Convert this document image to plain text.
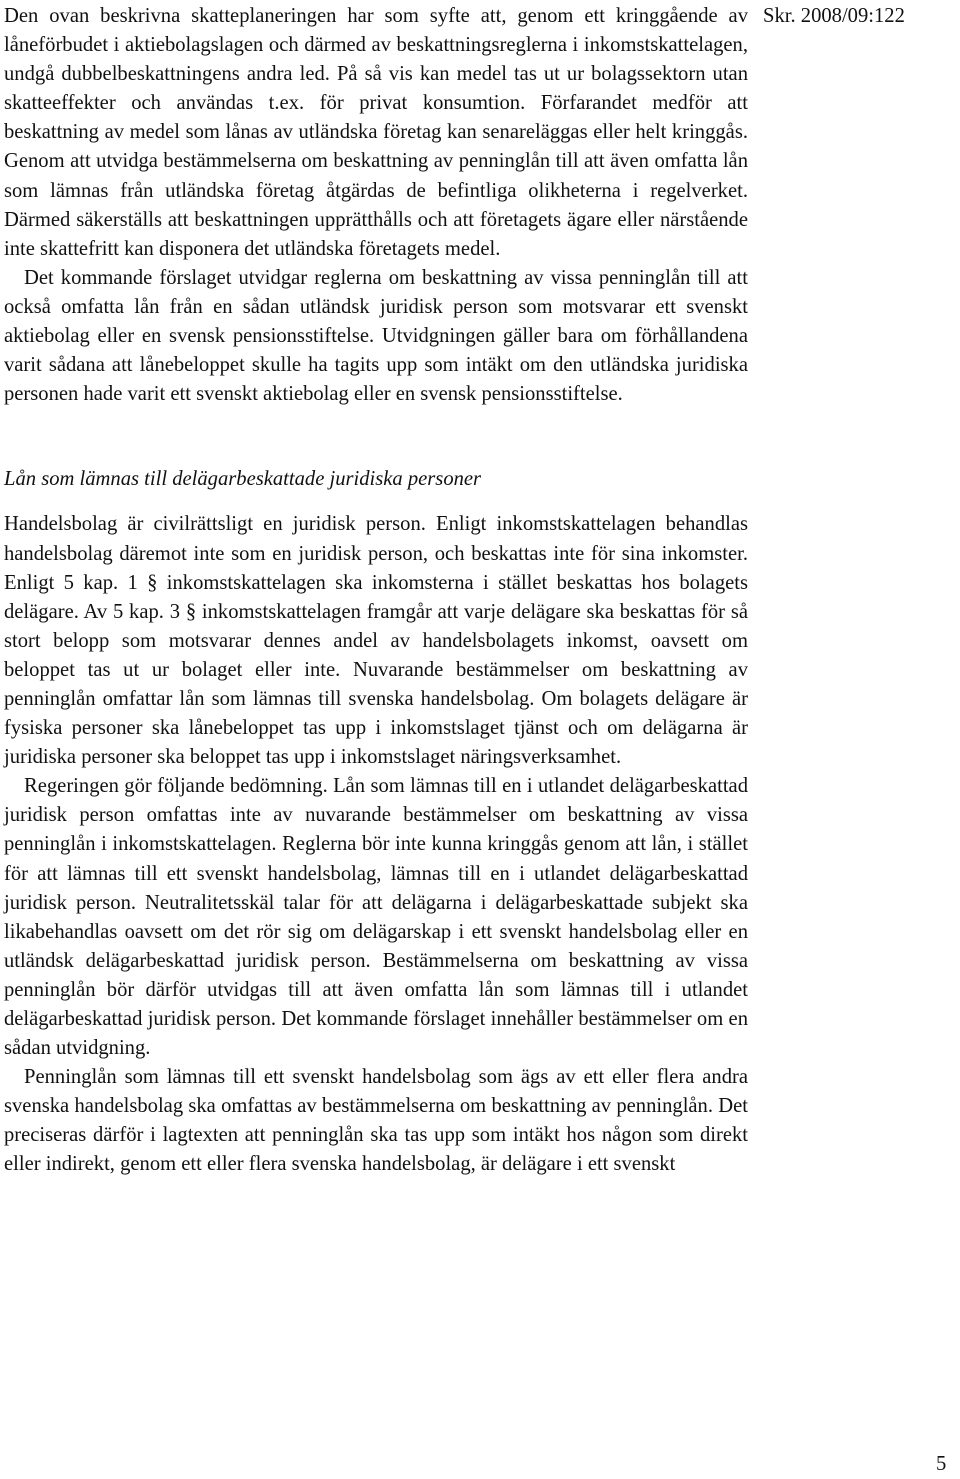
Den ovan beskrivna skatteplaneringen har som syfte att, genom ett kringgående av låneförbudet i aktiebolagslagen och därmed av beskattningsreglerna i inkomstskattelagen, undgå dubbelbeskattningens andra led. På så vis kan medel tas ut ur bolagssektorn utan skatteeffekter och användas t.ex. för privat konsumtion. Förfarandet medför att beskattning av medel som lånas av utländska företag kan senareläggas eller helt kringgås. Genom att utvidga bestämmelserna om beskattning av penninglån till att även omfatta lån som lämnas från utländska företag åtgärdas de befintliga olikheterna i regelverket. Därmed säkerställs att beskattningen upprätthålls och att företagets ägare eller närstående inte skattefritt kan disponera det utländska företagets medel.

Det kommande förslaget utvidgar reglerna om beskattning av vissa penninglån till att också omfatta lån från en sådan utländsk juridisk person som motsvarar ett svenskt aktiebolag eller en svensk pensionsstiftelse. Utvidgningen gäller bara om förhållandena varit sådana att lånebeloppet skulle ha tagits upp som intäkt om den utländska juridiska personen hade varit ett svenskt aktiebolag eller en svensk pensionsstiftelse.

Lån som lämnas till delägarbeskattade juridiska personer

Handelsbolag är civilrättsligt en juridisk person. Enligt inkomstskattelagen behandlas handelsbolag däremot inte som en juridisk person, och beskattas inte för sina inkomster. Enligt 5 kap. 1 § inkomstskattelagen ska inkomsterna i stället beskattas hos bolagets delägare. Av 5 kap. 3 § inkomstskattelagen framgår att varje delägare ska beskattas för så stort belopp som motsvarar dennes andel av handelsbolagets inkomst, oavsett om beloppet tas ut ur bolaget eller inte. Nuvarande bestämmelser om beskattning av penninglån omfattar lån som lämnas till svenska handelsbolag. Om bolagets delägare är fysiska personer ska lånebeloppet tas upp i inkomstslaget tjänst och om delägarna är juridiska personer ska beloppet tas upp i inkomstslaget näringsverksamhet.

Regeringen gör följande bedömning. Lån som lämnas till en i utlandet delägarbeskattad juridisk person omfattas inte av nuvarande bestämmelser om beskattning av vissa penninglån i inkomstskattelagen. Reglerna bör inte kunna kringgås genom att lån, i stället för att lämnas till ett svenskt handelsbolag, lämnas till en i utlandet delägarbeskattad juridisk person. Neutralitetsskäl talar för att delägarna i delägarbeskattade subjekt ska likabehandlas oavsett om det rör sig om delägarskap i ett svenskt handelsbolag eller en utländsk delägarbeskattad juridisk person. Bestämmelserna om beskattning av vissa penninglån bör därför utvidgas till att även omfatta lån som lämnas till i utlandet delägarbeskattad juridisk person. Det kommande förslaget innehåller bestämmelser om en sådan utvidgning.

Penninglån som lämnas till ett svenskt handelsbolag som ägs av ett eller flera andra svenska handelsbolag ska omfattas av bestämmelserna om beskattning av penninglån. Det preciseras därför i lagtexten att penninglån ska tas upp som intäkt hos någon som direkt eller indirekt, genom ett eller flera svenska handelsbolag, är delägare i ett svenskt

Skr. 2008/09:122
5
